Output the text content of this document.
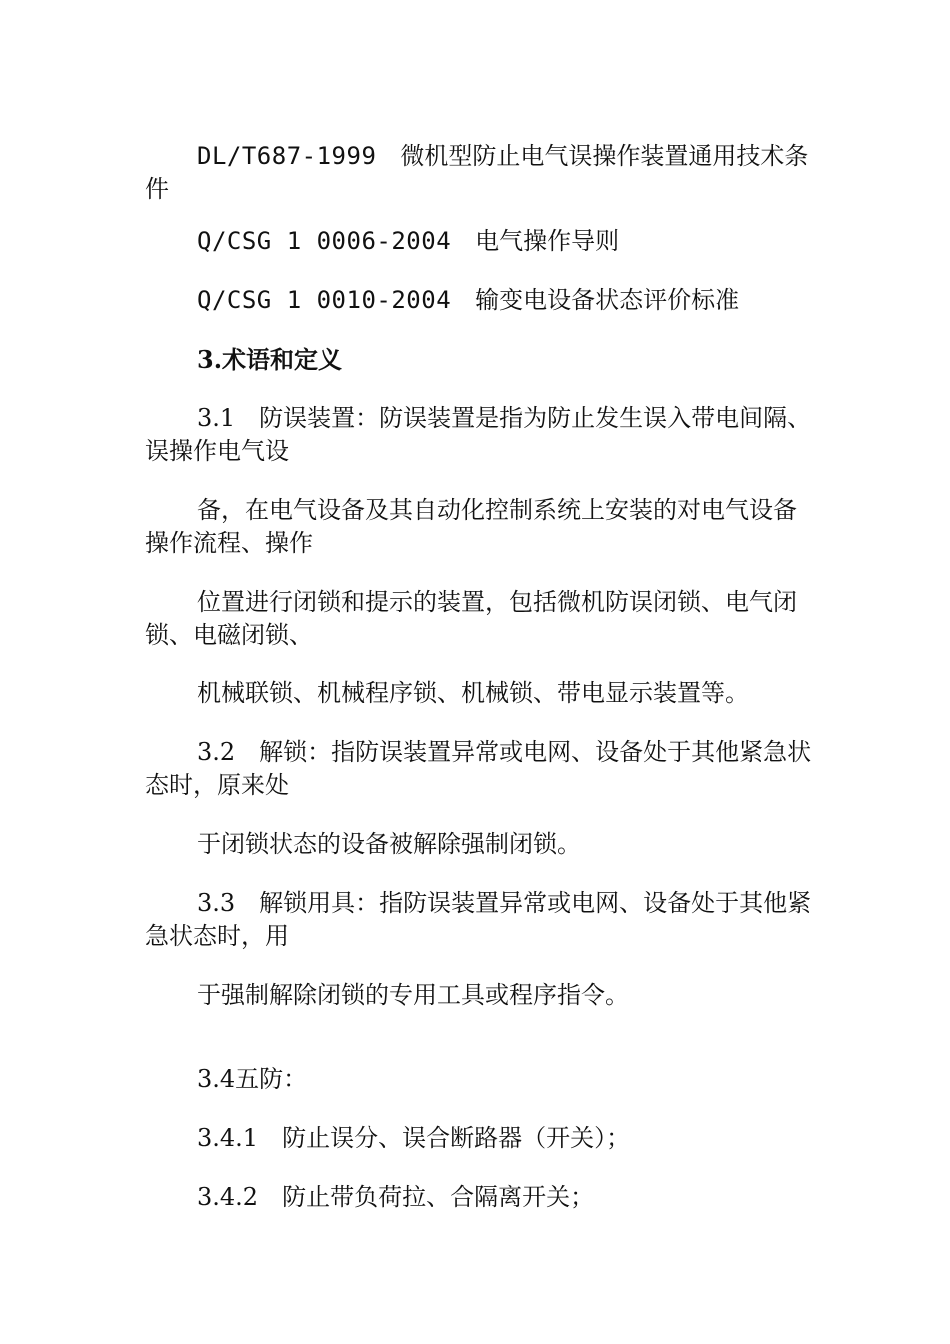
DL/T687-1999　 微机型防止电气误操作装置通用技术条件

Q/CSG 1 0006-2004　 电气操作导则

Q/CSG 1 0010-2004　 输变电设备状态评价标准

3.术语和定义

3.1　防误装置：防误装置是指为防止发生误入带电间隔、误操作电气设

备，在电气设备及其自动化控制系统上安装的对电气设备操作流程、操作

位置进行闭锁和提示的装置，包括微机防误闭锁、电气闭锁、电磁闭锁、

机械联锁、机械程序锁、机械锁、带电显示装置等。

3.2　解锁：指防误装置异常或电网、设备处于其他紧急状态时，原来处

于闭锁状态的设备被解除强制闭锁。

3.3　解锁用具：指防误装置异常或电网、设备处于其他紧急状态时，用

于强制解除闭锁的专用工具或程序指令。

3.4五防：

3.4.1　防止误分、误合断路器（开关）；

3.4.2　防止带负荷拉、合隔离开关；
